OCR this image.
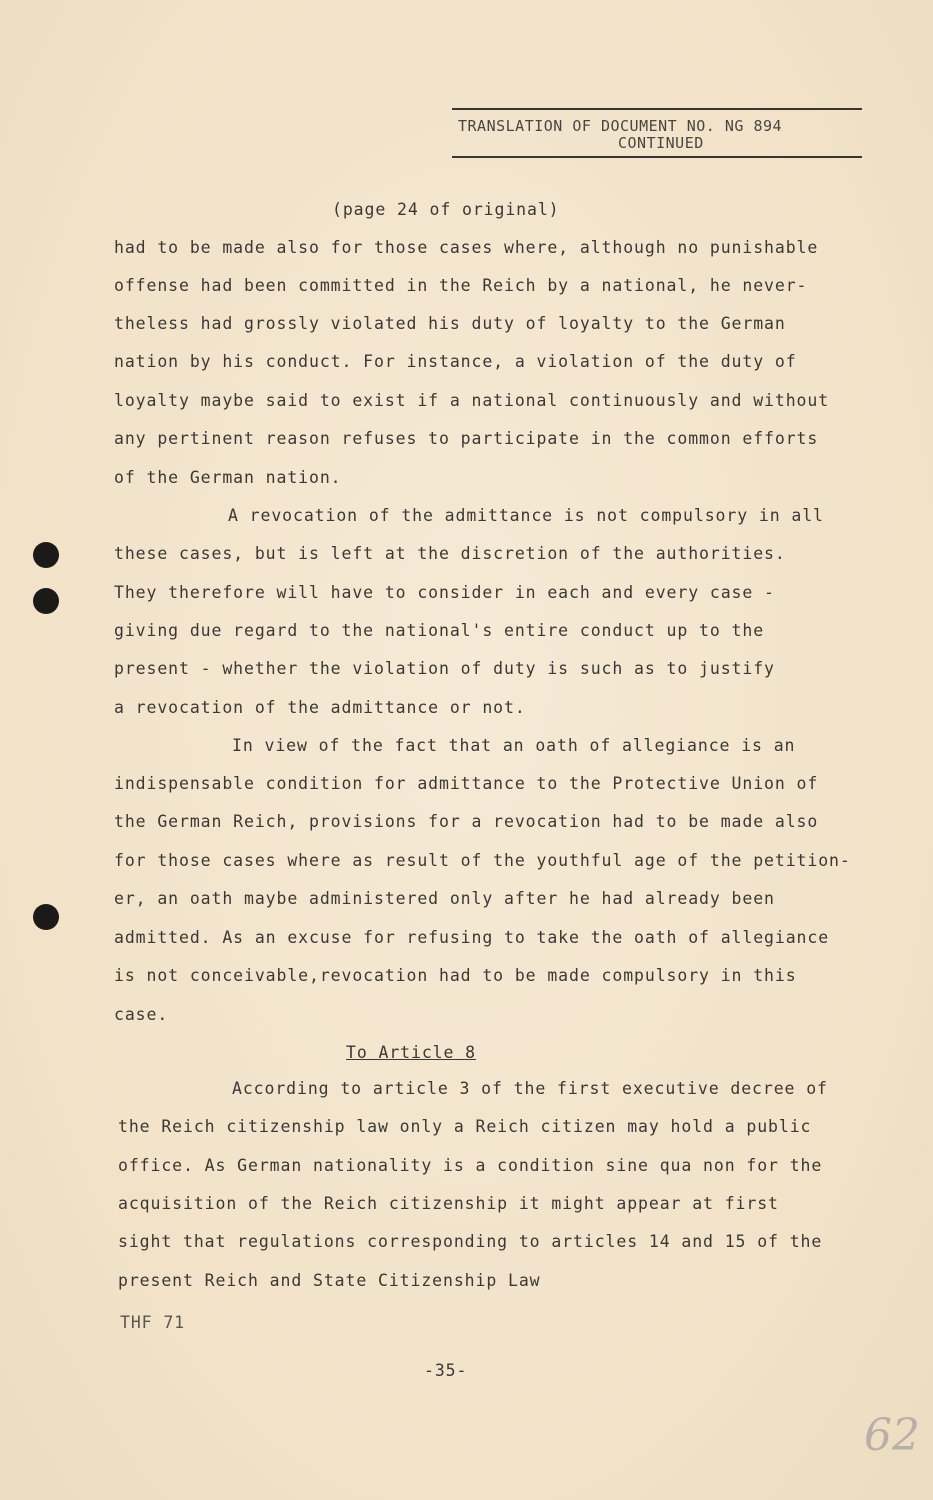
TRANSLATION OF DOCUMENT NO. NG 894
CONTINUED
(page 24 of original)
had to be made also for those cases where, although no punishable
offense had been committed in the Reich by a national, he never-
theless had grossly violated his duty of loyalty to the German
nation by his conduct. For instance, a violation of the duty of
loyalty maybe said to exist if a national continuously and without
any pertinent reason refuses to participate in the common efforts
of the German nation.
A revocation of the admittance is not compulsory in all
these cases, but is left at the discretion of the authorities.
They therefore will have to consider in each and every case -
giving due regard to the national's entire conduct up to the
present - whether the violation of duty is such as to justify
a revocation of the admittance or not.
In view of the fact that an oath of allegiance is an
indispensable condition for admittance to the Protective Union of
the German Reich, provisions for a revocation had to be made also
for those cases where as result of the youthful age of the petition-
er, an oath maybe administered only after he had already been
admitted. As an excuse for refusing to take the oath of allegiance
is not conceivable,revocation had to be made compulsory in this
case.
To Article 8
According to article 3 of the first executive decree of
the Reich citizenship law only a Reich citizen may hold a public
office. As German nationality is a condition sine qua non for the
acquisition of the Reich citizenship it might appear at first
sight that regulations corresponding to articles 14 and 15 of the
present Reich and State Citizenship Law
THF 71
-35-
62
